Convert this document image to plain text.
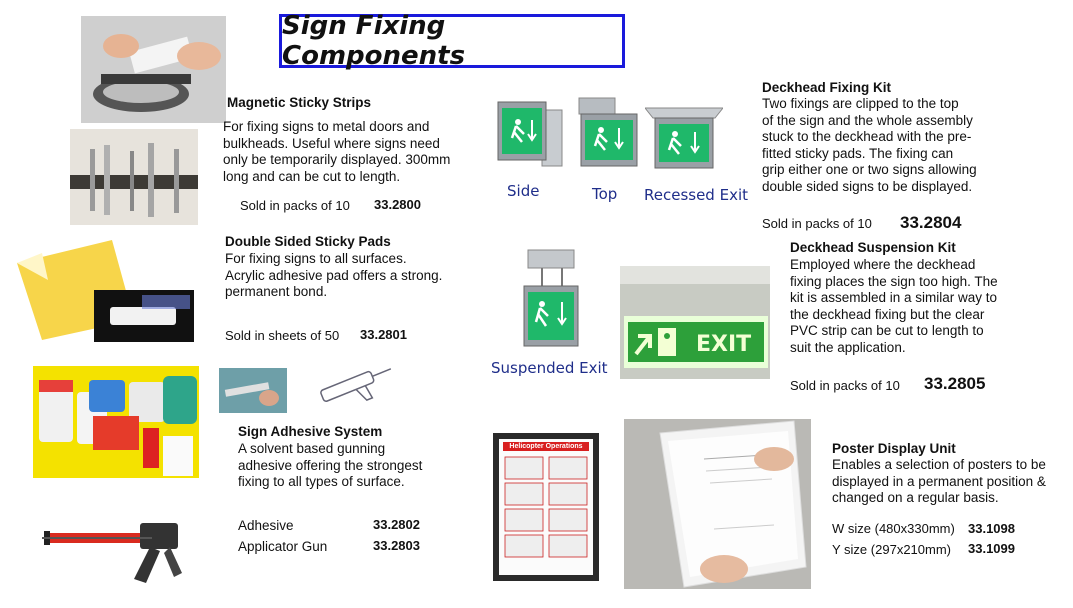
Sign Fixing Components
Magnetic Sticky Strips
For fixing signs to metal doors and
bulkheads. Useful where signs need
only be temporarily displayed. 300mm
long and can be cut to length.
Sold in packs of 10 33.2800
Double Sided Sticky Pads
For fixing signs to all surfaces.
Acrylic adhesive pad offers a strong.
permanent bond.
Sold in sheets of 50 33.2801
Sign Adhesive System
A solvent based gunning
adhesive offering the strongest
fixing to all types of surface.
Adhesive	33.2802
Applicator Gun	33.2803
Side	Top Recessed Exit
Suspended Exit
EXIT
Deckhead Fixing Kit
Two fixings are clipped to the top
of the sign and the whole assembly
stuck to the deckhead with the pre-
fitted sticky pads. The fixing can
grip either one or two signs allowing
double sided signs to be displayed.
Sold in packs of 10 33.2804
Deckhead Suspension Kit
Employed where the deckhead
fixing places the sign too high. The
kit is assembled in a similar way to
the deckhead fixing but the clear
PVC strip can be cut to length to
suit the application.
Sold in packs of 10 33.2805
Helicopter Operations	Poster Display Unit
Enables a selection of posters to be
displayed in a permanent position &
changed on a regular basis.
W size (480x330mm) 33.1098
Y size (297x210mm) 33.1099
